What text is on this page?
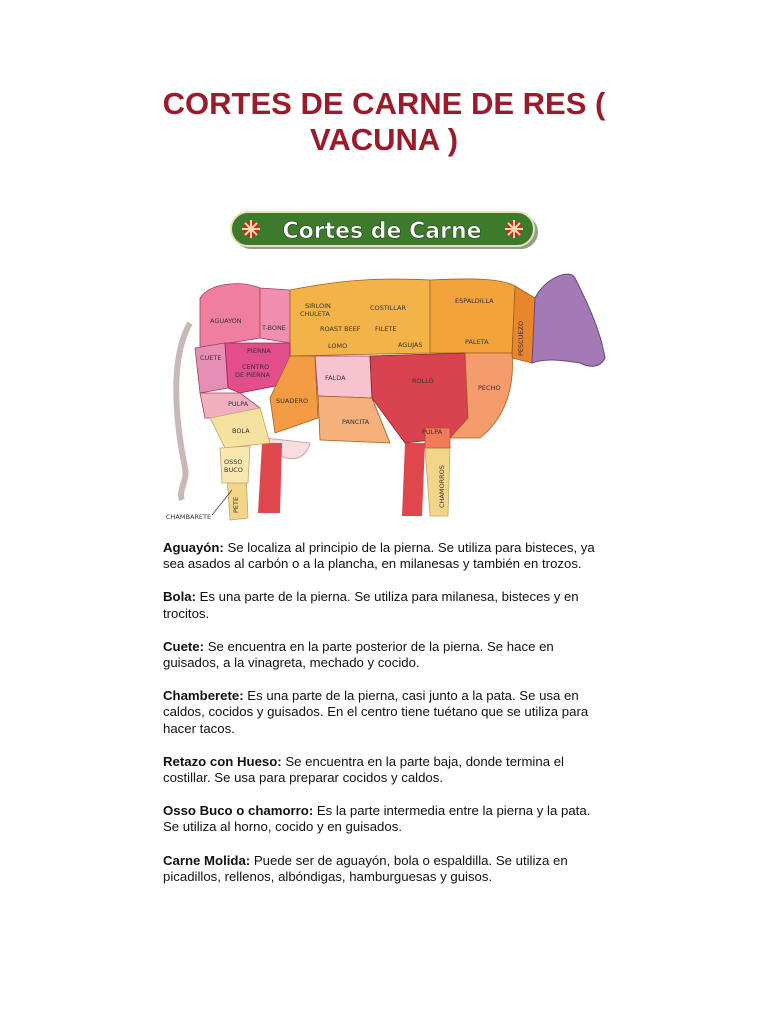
CORTES DE CARNE DE RES ( VACUNA )
Cortes de Carne
AGUAYON
T-BONE
SIRLOIN
CHULETA
COSTILLAR
ESPALDILLA
ROAST BEEF FILETE
LOMO	AGUJAS	PALETA	PESCUEZO
CUETE
PIERNA
CENTRO
DE PIERNA	FALDA	ROLLO
PECHO
PULPA	SUADERO
BOLA
PANCITA
PULPA
OSSO
BUCO	CHAMORROS
PETE
CHAMBARETE

Aguayón: Se localiza al principio de la pierna. Se utiliza para bisteces, ya sea asados al carbón o a la plancha, en milanesas y también en trozos.

Bola: Es una parte de la pierna. Se utiliza para milanesa, bisteces y en trocitos.

Cuete: Se encuentra en la parte posterior de la pierna. Se hace en guisados, a la vinagreta, mechado y cocido.

Chamberete: Es una parte de la pierna, casi junto a la pata. Se usa en caldos, cocidos y guisados. En el centro tiene tuétano que se utiliza para hacer tacos.

Retazo con Hueso: Se encuentra en la parte baja, donde termina el costillar. Se usa para preparar cocidos y caldos.

Osso Buco o chamorro: Es la parte intermedia entre la pierna y la pata. Se utiliza al horno, cocido y en guisados.

Carne Molida: Puede ser de aguayón, bola o espaldilla. Se utiliza en picadillos, rellenos, albóndigas, hamburguesas y guisos.
